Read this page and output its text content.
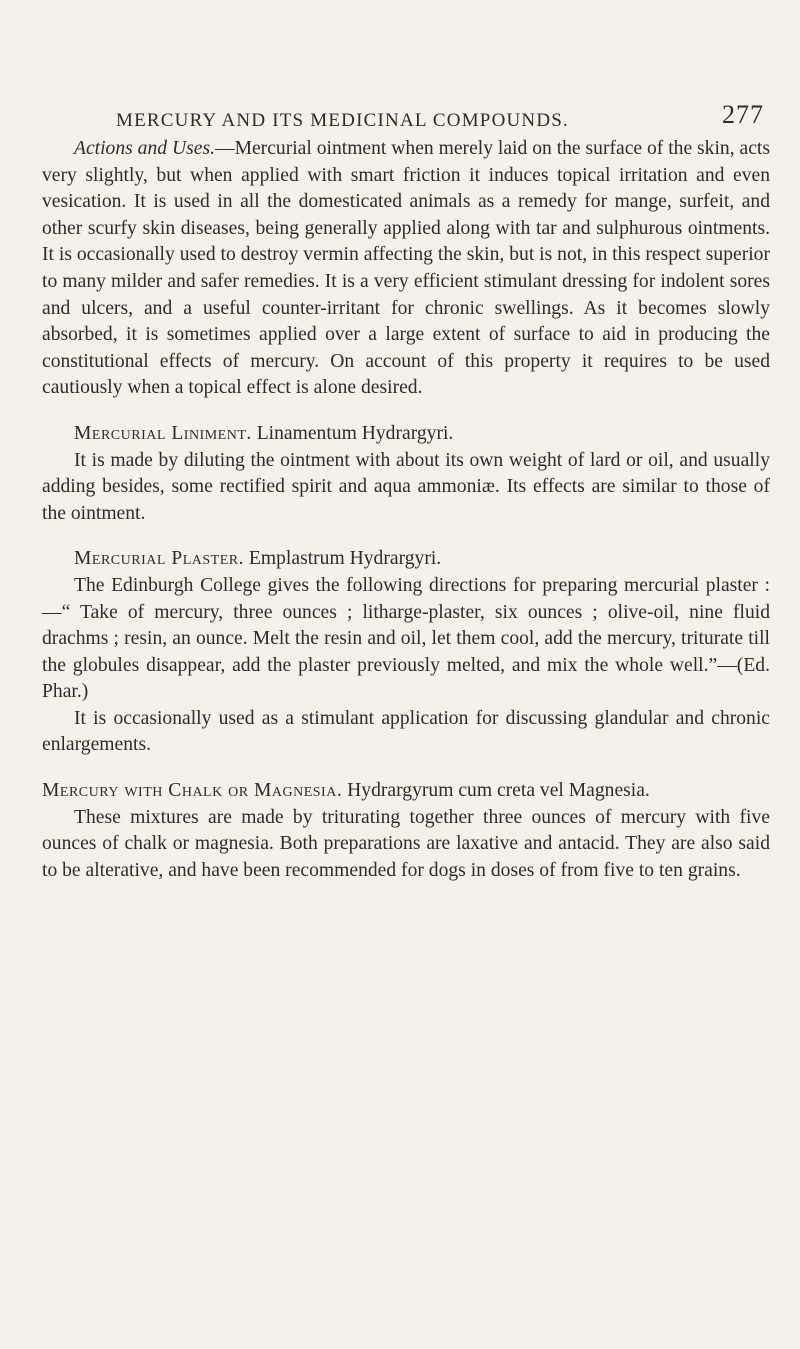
MERCURY AND ITS MEDICINAL COMPOUNDS.	277

Actions and Uses.—Mercurial ointment when merely laid on the surface of the skin, acts very slightly, but when applied with smart friction it induces topical irritation and even vesication. It is used in all the domesticated animals as a remedy for mange, surfeit, and other scurfy skin diseases, being generally applied along with tar and sulphurous ointments. It is occasionally used to destroy vermin affecting the skin, but is not, in this respect superior to many milder and safer remedies. It is a very efficient stimulant dressing for indolent sores and ulcers, and a useful counter-irritant for chronic swellings. As it becomes slowly absorbed, it is sometimes applied over a large extent of surface to aid in producing the constitutional effects of mercury. On account of this property it requires to be used cautiously when a topical effect is alone desired.

Mercurial Liniment. Linamentum Hydrargyri.

It is made by diluting the ointment with about its own weight of lard or oil, and usually adding besides, some rectified spirit and aqua ammoniæ. Its effects are similar to those of the ointment.

Mercurial Plaster. Emplastrum Hydrargyri.

The Edinburgh College gives the following directions for preparing mercurial plaster :—“ Take of mercury, three ounces ; litharge-plaster, six ounces ; olive-oil, nine fluid drachms ; resin, an ounce. Melt the resin and oil, let them cool, add the mercury, triturate till the globules disappear, add the plaster previously melted, and mix the whole well.”—(Ed. Phar.)

It is occasionally used as a stimulant application for discussing glandular and chronic enlargements.

Mercury with Chalk or Magnesia. Hydrargyrum cum creta vel Magnesia.

These mixtures are made by triturating together three ounces of mercury with five ounces of chalk or magnesia. Both preparations are laxative and antacid. They are also said to be alterative, and have been recommended for dogs in doses of from five to ten grains.
